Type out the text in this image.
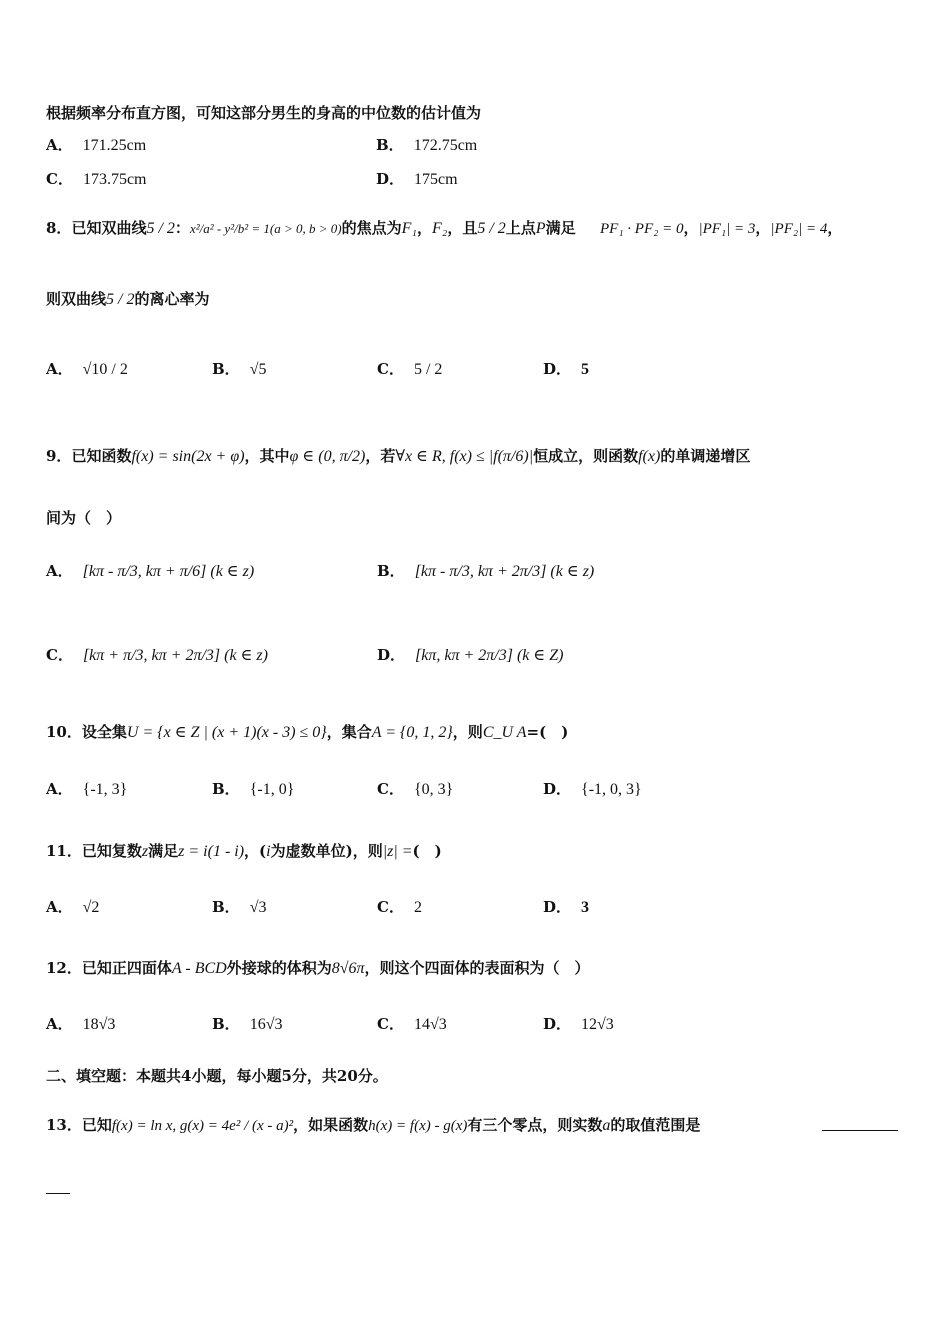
根据频率分布直方图，可知这部分男生的身高的中位数的估计值为
A． 171.25cm	B． 172.75cm
C． 173.75cm	D． 175cm
8．已知双曲线5 / 2：x²/a² - y²/b² = 1(a > 0, b > 0)的焦点为F₁，F₂，且5 / 2上点P满足 PF₁ · PF₂ = 0，|PF₁| = 3，|PF₂| = 4，
则双曲线5 / 2的离心率为
A． √10 / 2	B． √5	C． 5 / 2	D． 5
9．已知函数f(x) = sin(2x + φ)，其中φ ∈ (0, π/2)，若∀x ∈ R, f(x) ≤ |f(π/6)|恒成立，则函数f(x)的单调递增区
间为（　）
A． [kπ - π/3, kπ + π/6] (k ∈ z)	B． [kπ - π/3, kπ + 2π/3] (k ∈ z)
C． [kπ + π/3, kπ + 2π/3] (k ∈ z)	D． [kπ, kπ + 2π/3] (k ∈ Z)
10．设全集U = {x ∈ Z | (x + 1)(x - 3) ≤ 0}，集合A = {0, 1, 2}，则C_U A=(　)
A． {-1, 3}	B． {-1, 0}	C． {0, 3}	D． {-1, 0, 3}
11．已知复数z满足z = i(1 - i)，(i为虚数单位)，则|z| =(　)
A． √2	B． √3	C． 2	D． 3
12．已知正四面体A - BCD外接球的体积为8√6π，则这个四面体的表面积为（　）
A． 18√3	B． 16√3	C． 14√3	D． 12√3
二、填空题：本题共4小题，每小题5分，共20分。
13．已知f(x) = ln x, g(x) = 4e² / (x - a)²，如果函数h(x) = f(x) - g(x)有三个零点，则实数a的取值范围是
